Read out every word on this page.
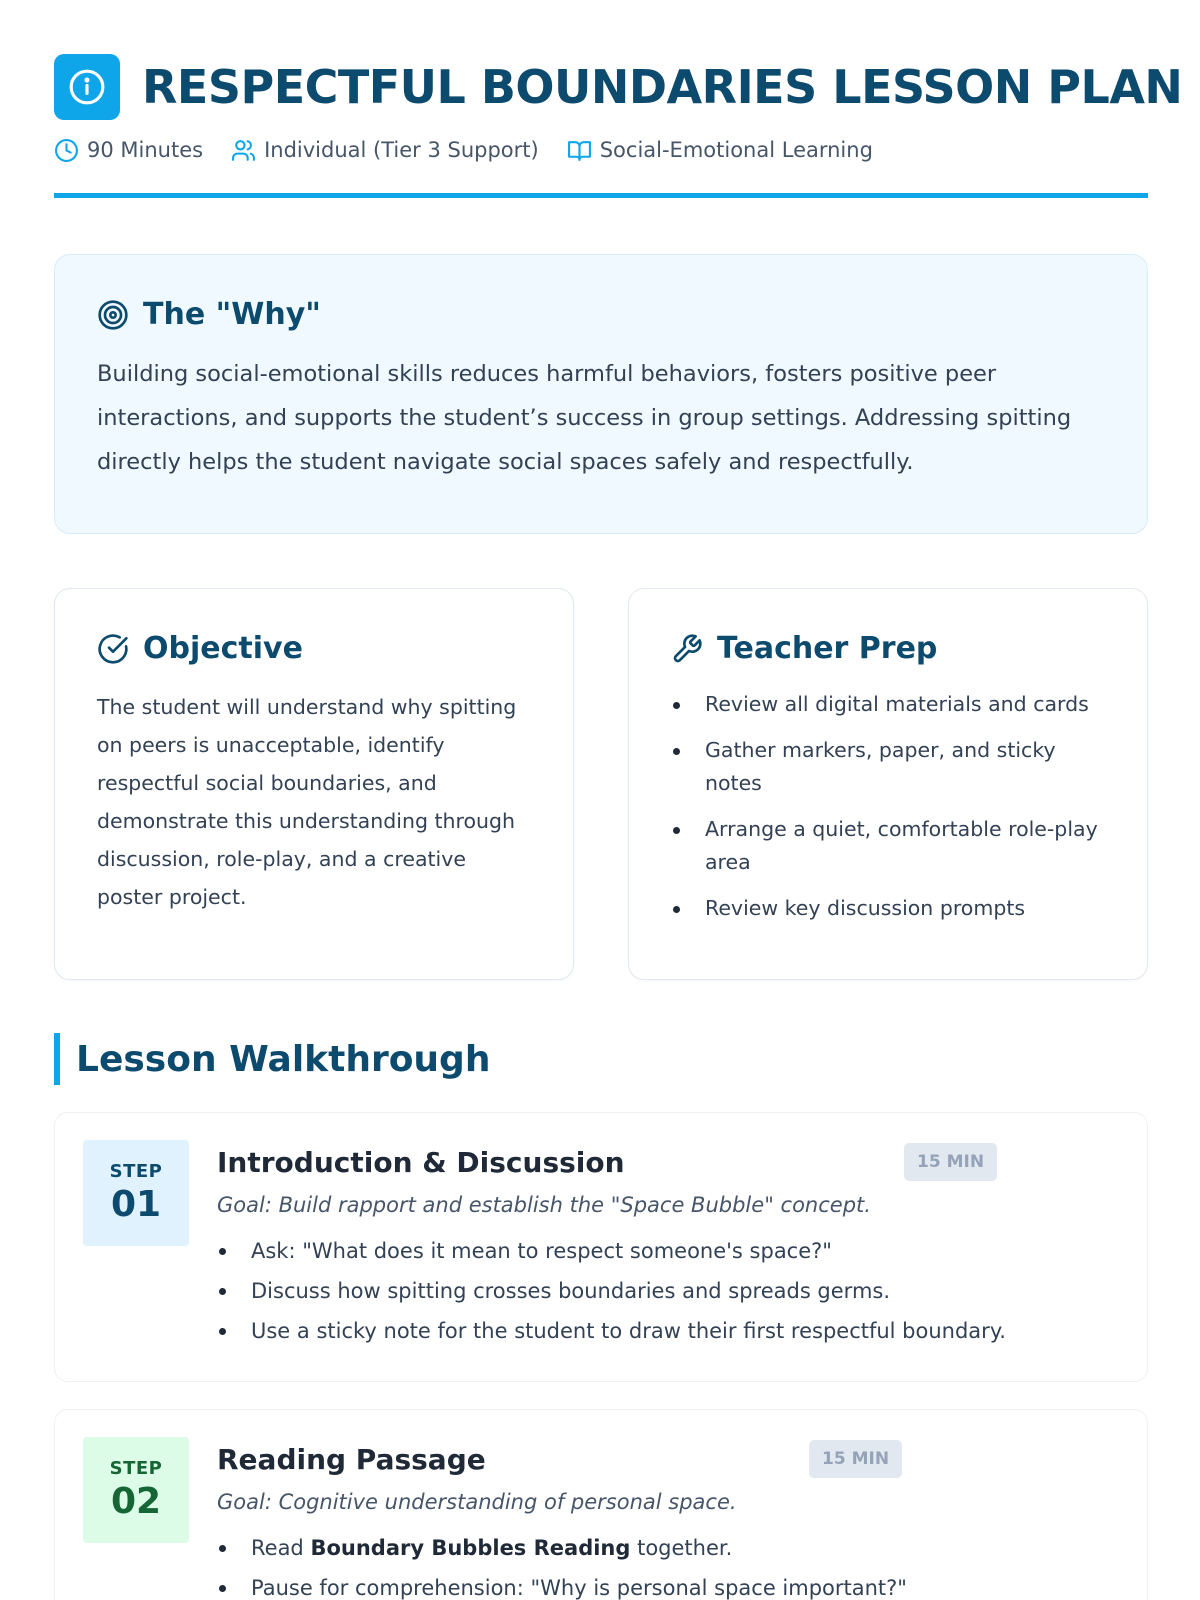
RESPECTFUL BOUNDARIES LESSON PLAN
90 Minutes	Individual (Tier 3 Support)	Social-Emotional Learning
The "Why"

Building social-emotional skills reduces harmful behaviors, fosters positive peer interactions, and supports the student’s success in group settings. Addressing spitting directly helps the student navigate social spaces safely and respectfully.

Objective

The student will understand why spitting on peers is unacceptable, identify respectful social boundaries, and demonstrate this understanding through discussion, role-play, and a creative poster project.

Teacher Prep
Review all digital materials and cards
Gather markers, paper, and sticky notes
Arrange a quiet, comfortable role-play area
Review key discussion prompts
Lesson Walkthrough
STEP
01
Introduction & Discussion	15 MIN

Goal: Build rapport and establish the "Space Bubble" concept.

Ask: "What does it mean to respect someone's space?"
Discuss how spitting crosses boundaries and spreads germs.
Use a sticky note for the student to draw their first respectful boundary.
STEP
02
Reading Passage	15 MIN

Goal: Cognitive understanding of personal space.

Read Boundary Bubbles Reading together.
Pause for comprehension: "Why is personal space important?"
